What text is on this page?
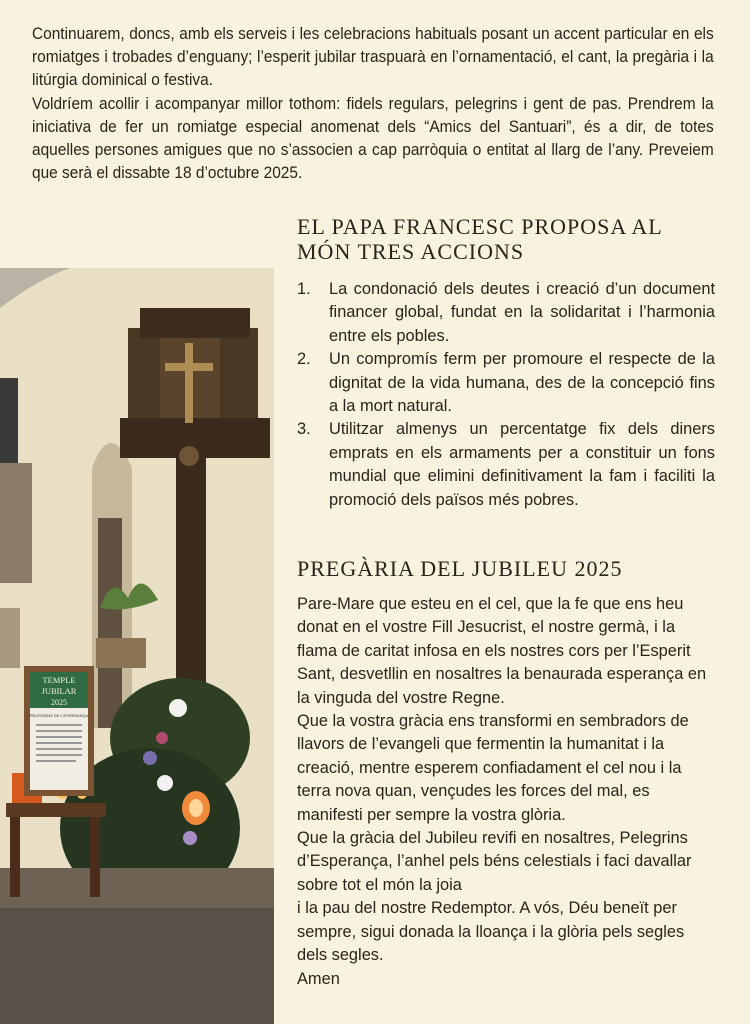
Continuarem, doncs, amb els serveis i les celebracions habituals posant un accent particular en els romiatges i trobades d’enguany; l’esperit jubilar traspuarà en l’ornamentació, el cant, la pregària i la litúrgia dominical o festiva.

Voldríem acollir i acompanyar millor tothom: fidels regulars, pelegrins i gent de pas. Prendrem la iniciativa de fer un romiatge especial anomenat dels “Amics del Santuari”, és a dir, de totes aquelles persones amigues que no s’associen a cap parròquia o entitat al llarg de l’any. Preveiem que serà el dissabte 18 d’octubre 2025.

EL PAPA FRANCESC PROPOSA AL
MÓN TRES ACCIONS
1.	La condonació dels deutes i creació d’un document financer global, fundat en la solidaritat i l’harmonia entre els pobles.
2.	Un compromís ferm per promoure el respecte de la dignitat de la vida humana, des de la concepció fins a la mort natural.
3.	Utilitzar almenys un percentatge fix dels diners emprats en els armaments per a constituir un fons mundial que elimini definitivament la fam i faciliti la promoció dels països més pobres.
PREGÀRIA DEL JUBILEU 2025

Pare-Mare que esteu en el cel, que la fe que ens heu donat en el vostre Fill Jesucrist, el nostre germà, i la flama de caritat infosa en els nostres cors per l’Esperit Sant, desvetllin en nosaltres la benaurada esperança en la vinguda del vostre Regne.

Que la vostra gràcia ens transformi en sembradors de llavors de l’evangeli que fermentin la humanitat i la creació, mentre esperem confiadament el cel nou i la terra nova quan, vençudes les forces del mal, es manifesti per sempre la vostra glòria.

Que la gràcia del Jubileu revifi en nosaltres, Pelegrins d’Esperança, l’anhel pels béns celestials i faci davallar sobre tot el món la joia

i la pau del nostre Redemptor. A vós, Déu beneït per sempre, sigui donada la lloança i la glòria pels segles dels segles.

Amen

TEMPLE
JUBILAR
2025
PELEGRINS DE L'ESPERANÇA
